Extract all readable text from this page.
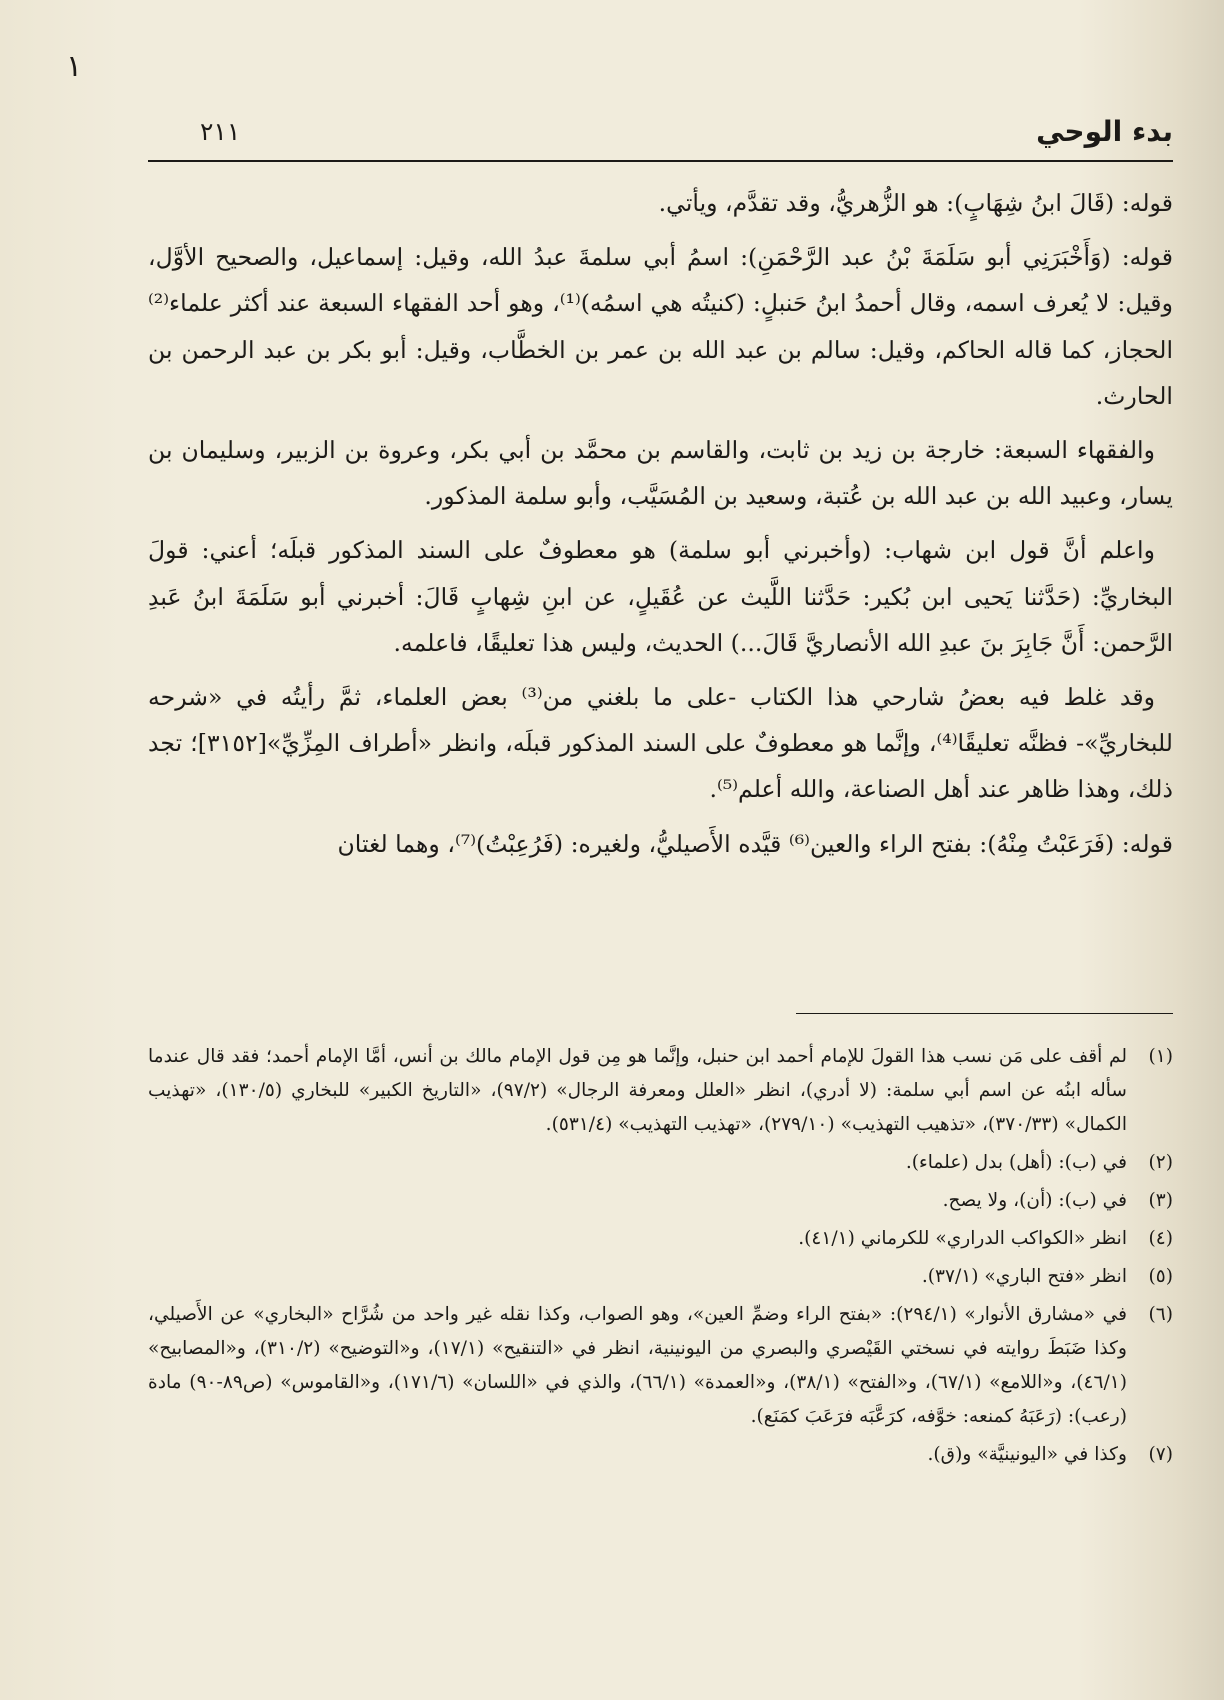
١
بدء الوحي
٢١١

قوله: (قَالَ ابنُ شِهَابٍ): هو الزُّهريُّ، وقد تقدَّم، ويأتي.

قوله: (وَأَخْبَرَنِي أبو سَلَمَةَ بْنُ عبد الرَّحْمَنِ): اسمُ أبي سلمةَ عبدُ الله، وقيل: إسماعيل، والصحيح الأوَّل، وقيل: لا يُعرف اسمه، وقال أحمدُ ابنُ حَنبلٍ: (كنيتُه هي اسمُه)⁽¹⁾، وهو أحد الفقهاء السبعة عند أكثر علماء⁽²⁾ الحجاز، كما قاله الحاكم، وقيل: سالم بن عبد الله بن عمر بن الخطَّاب، وقيل: أبو بكر بن عبد الرحمن بن الحارث.

والفقهاء السبعة: خارجة بن زيد بن ثابت، والقاسم بن محمَّد بن أبي بكر، وعروة بن الزبير، وسليمان بن يسار، وعبيد الله بن عبد الله بن عُتبة، وسعيد بن المُسَيَّب، وأبو سلمة المذكور.

واعلم أنَّ قول ابن شهاب: (وأخبرني أبو سلمة) هو معطوفٌ على السند المذكور قبلَه؛ أعني: قولَ البخاريِّ: (حَدَّثنا يَحيى ابن بُكير: حَدَّثنا اللَّيث عن عُقَيلٍ، عن ابنِ شِهابٍ قَالَ: أخبرني أبو سَلَمَةَ ابنُ عَبدِ الرَّحمن: أَنَّ جَابِرَ بنَ عبدِ الله الأنصاريَّ قَالَ...) الحديث، وليس هذا تعليقًا، فاعلمه.

وقد غلط فيه بعضُ شارحي هذا الكتاب -على ما بلغني من⁽³⁾ بعض العلماء، ثمَّ رأيتُه في «شرحه للبخاريِّ»- فظنَّه تعليقًا⁽⁴⁾، وإنَّما هو معطوفٌ على السند المذكور قبلَه، وانظر «أطراف المِزِّيِّ»[٣١٥٢]؛ تجد ذلك، وهذا ظاهر عند أهل الصناعة، والله أعلم⁽⁵⁾.

قوله: (فَرَعَبْتُ مِنْهُ): بفتح الراء والعين⁽⁶⁾ قيَّده الأَصيليُّ، ولغيره: (فَرُعِبْتُ)⁽⁷⁾، وهما لغتان

(١)
لم أقف على مَن نسب هذا القولَ للإمام أحمد ابن حنبل، وإنَّما هو مِن قول الإمام مالك بن أنس، أمَّا الإمام أحمد؛ فقد قال عندما سأله ابنُه عن اسم أبي سلمة: (لا أدري)، انظر «العلل ومعرفة الرجال» (٩٧/٢)، «التاريخ الكبير» للبخاري (١٣٠/٥)، «تهذيب الكمال» (٣٧٠/٣٣)، «تذهيب التهذيب» (٢٧٩/١٠)، «تهذيب التهذيب» (٥٣١/٤).
(٢)
في (ب): (أهل) بدل (علماء).
(٣)
في (ب): (أن)، ولا يصح.
(٤)
انظر «الكواكب الدراري» للكرماني (٤١/١).
(٥)
انظر «فتح الباري» (٣٧/١).
(٦)
في «مشارق الأنوار» (٢٩٤/١): «بفتح الراء وضمِّ العين»، وهو الصواب، وكذا نقله غير واحد من شُرَّاح «البخاري» عن الأَصيلي، وكذا ضَبَطَ روايته في نسختي القَيْصري والبصري من اليونينية، انظر في «التنقيح» (١٧/١)، و«التوضيح» (٣١٠/٢)، و«المصابيح» (٤٦/١)، و«اللامع» (٦٧/١)، و«الفتح» (٣٨/١)، و«العمدة» (٦٦/١)، والذي في «اللسان» (١٧١/٦)، و«القاموس» (ص٨٩-٩٠) مادة (رعب): (رَعَبَهُ كمنعه: خوَّفه، كرَعَّبَه فرَعَبَ كمَنَع).
(٧)
وكذا في «اليونينيَّة» و(ق).
